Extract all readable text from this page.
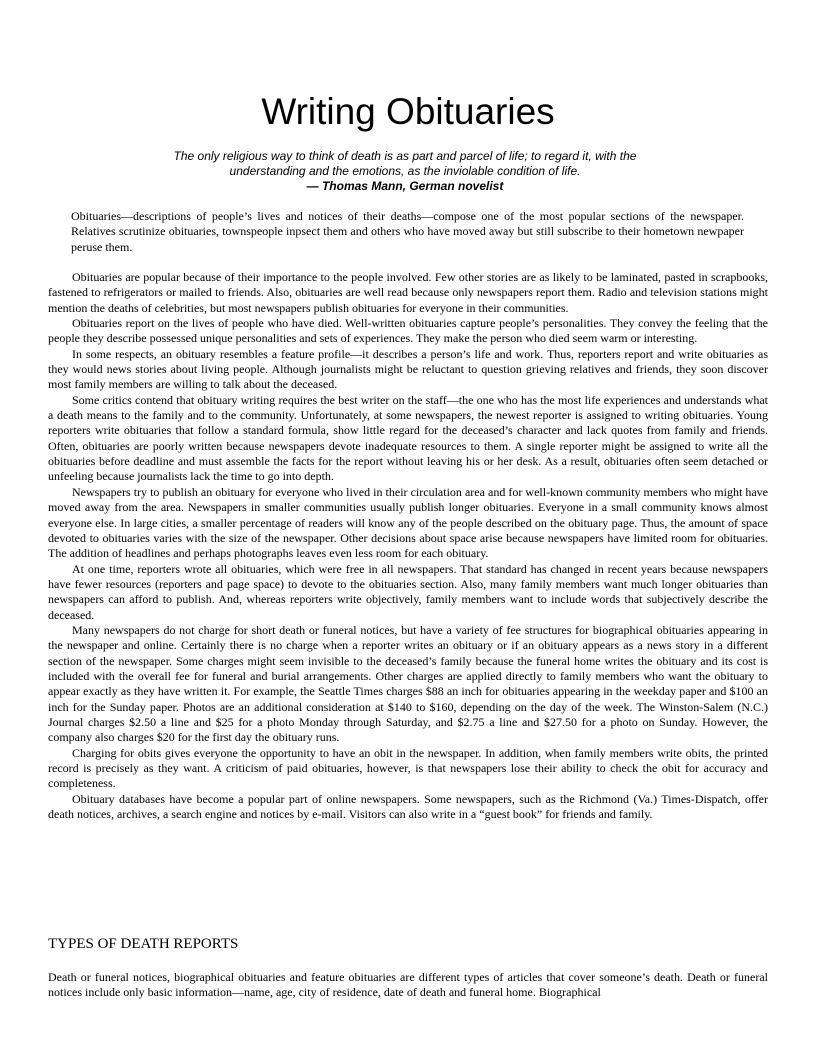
Writing Obituaries
The only religious way to think of death is as part and parcel of life; to regard it, with the understanding and the emotions, as the inviolable condition of life.
— Thomas Mann, German novelist

Obituaries—descriptions of people’s lives and notices of their deaths—compose one of the most popular sections of the newspaper. Relatives scrutinize obituaries, townspeople inpsect them and others who have moved away but still subscribe to their hometown newpaper peruse them.

Obituaries are popular because of their importance to the people involved. Few other stories are as likely to be laminated, pasted in scrapbooks, fastened to refrigerators or mailed to friends. Also, obituaries are well read because only newspapers report them. Radio and television stations might mention the deaths of celebrities, but most newspapers publish obituaries for everyone in their communities.

Obituaries report on the lives of people who have died. Well-written obituaries capture people’s personalities. They convey the feeling that the people they describe possessed unique personalities and sets of experiences. They make the person who died seem warm or interesting.

In some respects, an obituary resembles a feature profile—it describes a person’s life and work. Thus, reporters report and write obituaries as they would news stories about living people. Although journalists might be reluctant to question grieving relatives and friends, they soon discover most family members are willing to talk about the deceased.

Some critics contend that obituary writing requires the best writer on the staff—the one who has the most life experiences and understands what a death means to the family and to the community. Unfortunately, at some newspapers, the newest reporter is assigned to writing obituaries. Young reporters write obituaries that follow a standard formula, show little regard for the deceased’s character and lack quotes from family and friends. Often, obituaries are poorly written because newspapers devote inadequate resources to them. A single reporter might be assigned to write all the obituaries before deadline and must assemble the facts for the report without leaving his or her desk. As a result, obituaries often seem detached or unfeeling because journalists lack the time to go into depth.

Newspapers try to publish an obituary for everyone who lived in their circulation area and for well-known community members who might have moved away from the area. Newspapers in smaller communities usually publish longer obituaries. Everyone in a small community knows almost everyone else. In large cities, a smaller percentage of readers will know any of the people described on the obituary page. Thus, the amount of space devoted to obituaries varies with the size of the newspaper. Other decisions about space arise because newspapers have limited room for obituaries. The addition of headlines and perhaps photographs leaves even less room for each obituary.

At one time, reporters wrote all obituaries, which were free in all newspapers. That standard has changed in recent years because newspapers have fewer resources (reporters and page space) to devote to the obituaries section. Also, many family members want much longer obituaries than newspapers can afford to publish. And, whereas reporters write objectively, family members want to include words that subjectively describe the deceased.

Many newspapers do not charge for short death or funeral notices, but have a variety of fee structures for biographical obituaries appearing in the newspaper and online. Certainly there is no charge when a reporter writes an obituary or if an obituary appears as a news story in a different section of the newspaper. Some charges might seem invisible to the deceased’s family because the funeral home writes the obituary and its cost is included with the overall fee for funeral and burial arrangements. Other charges are applied directly to family members who want the obituary to appear exactly as they have written it. For example, the Seattle Times charges $88 an inch for obituaries appearing in the weekday paper and $100 an inch for the Sunday paper. Photos are an additional consideration at $140 to $160, depending on the day of the week. The Winston-Salem (N.C.) Journal charges $2.50 a line and $25 for a photo Monday through Saturday, and $2.75 a line and $27.50 for a photo on Sunday. However, the company also charges $20 for the first day the obituary runs.

Charging for obits gives everyone the opportunity to have an obit in the newspaper. In addition, when family members write obits, the printed record is precisely as they want. A criticism of paid obituaries, however, is that newspapers lose their ability to check the obit for accuracy and completeness.

Obituary databases have become a popular part of online newspapers. Some newspapers, such as the Richmond (Va.) Times-Dispatch, offer death notices, archives, a search engine and notices by e-mail. Visitors can also write in a “guest book” for friends and family.

TYPES OF DEATH REPORTS

Death or funeral notices, biographical obituaries and feature obituaries are different types of articles that cover someone’s death. Death or funeral notices include only basic information—name, age, city of residence, date of death and funeral home. Biographical
